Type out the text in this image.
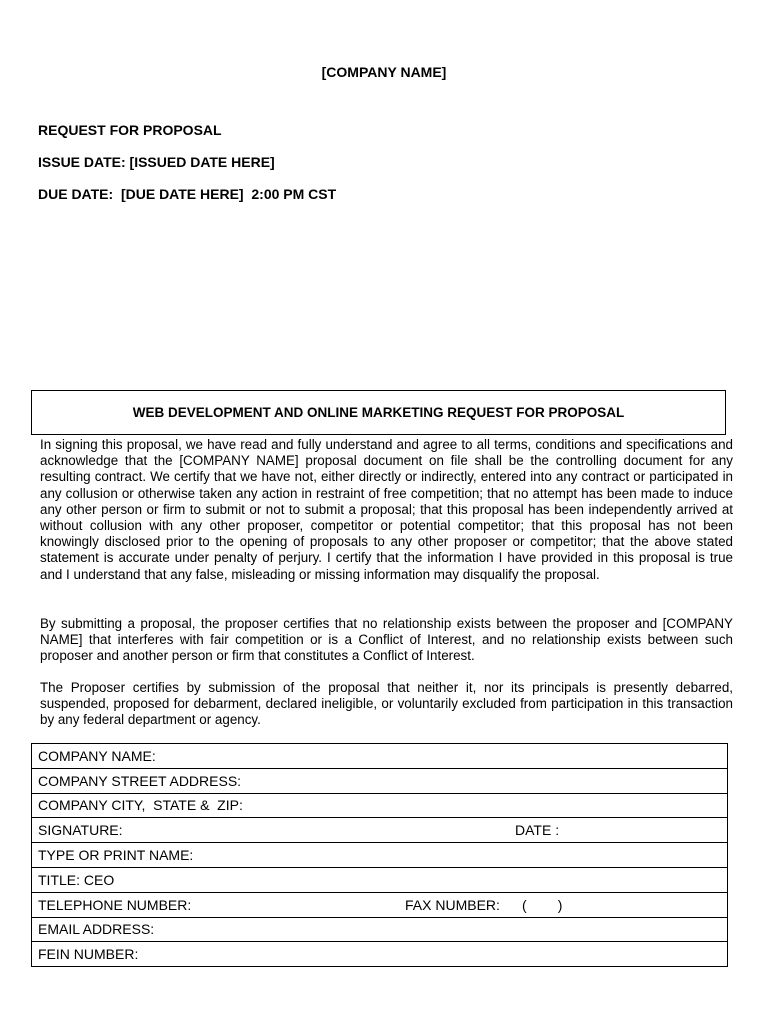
[COMPANY NAME]
REQUEST FOR PROPOSAL
ISSUE DATE: [ISSUED DATE HERE]
DUE DATE:  [DUE DATE HERE]  2:00 PM CST
WEB DEVELOPMENT AND ONLINE MARKETING REQUEST FOR PROPOSAL
In signing this proposal, we have read and fully understand and agree to all terms, conditions and specifications and acknowledge that the [COMPANY NAME] proposal document on file shall be the controlling document for any resulting contract. We certify that we have not, either directly or indirectly, entered into any contract or participated in any collusion or otherwise taken any action in restraint of free competition; that no attempt has been made to induce any other person or firm to submit or not to submit a proposal; that this proposal has been independently arrived at without collusion with any other proposer, competitor or potential competitor; that this proposal has not been knowingly disclosed prior to the opening of proposals to any other proposer or competitor; that the above stated statement is accurate under penalty of perjury. I certify that the information I have provided in this proposal is true and I understand that any false, misleading or missing information may disqualify the proposal.
By submitting a proposal, the proposer certifies that no relationship exists between the proposer and [COMPANY NAME] that interferes with fair competition or is a Conflict of Interest, and no relationship exists between such proposer and another person or firm that constitutes a Conflict of Interest.
The Proposer certifies by submission of the proposal that neither it, nor its principals is presently debarred, suspended, proposed for debarment, declared ineligible, or voluntarily excluded from participation in this transaction by any federal department or agency.
COMPANY NAME:
COMPANY STREET ADDRESS:
COMPANY CITY,  STATE &  ZIP:
SIGNATURE:	DATE :

TYPE OR PRINT NAME:
TITLE: CEO
TELEPHONE NUMBER:	FAX NUMBER: (        )

EMAIL ADDRESS:
FEIN NUMBER:
